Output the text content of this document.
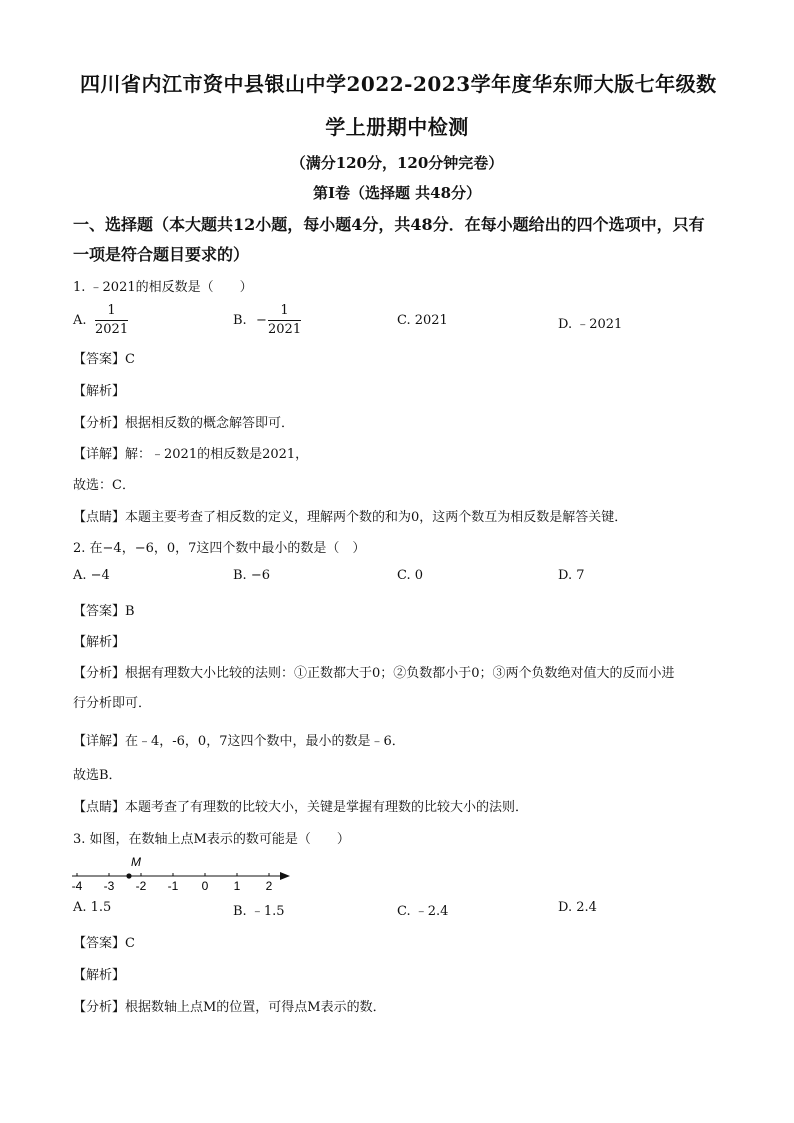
四川省内江市资中县银山中学2022-2023学年度华东师大版七年级数
学上册期中检测
（满分120分，120分钟完卷）
第I卷（选择题 共48分）
一、选择题（本大题共12小题，每小题4分，共48分．在每小题给出的四个选项中，只有
一项是符合题目要求的）
1. ﹣2021的相反数是（　　）
A.
1
2021
B. −
1
2021
C. 2021	D. ﹣2021
【答案】C
【解析】
【分析】根据相反数的概念解答即可．
【详解】解：﹣2021的相反数是2021，
故选：C．
【点睛】本题主要考查了相反数的定义，理解两个数的和为0，这两个数互为相反数是解答关键．
2. 在−4，−6，0，7这四个数中最小的数是（　）
A. −4	B. −6	C. 0	D. 7
【答案】B
【解析】
【分析】根据有理数大小比较的法则：①正数都大于0；②负数都小于0；③两个负数绝对值大的反而小进
行分析即可．
【详解】在﹣4，-6，0，7这四个数中，最小的数是﹣6．
故选B．
【点睛】本题考查了有理数的比较大小，关键是掌握有理数的比较大小的法则．
3. 如图，在数轴上点M表示的数可能是（　　）
-4 -3 -2 -1 0 1 2
M
A. 1.5	B. ﹣1.5	C. ﹣2.4	D. 2.4
【答案】C
【解析】
【分析】根据数轴上点M的位置，可得点M表示的数．
